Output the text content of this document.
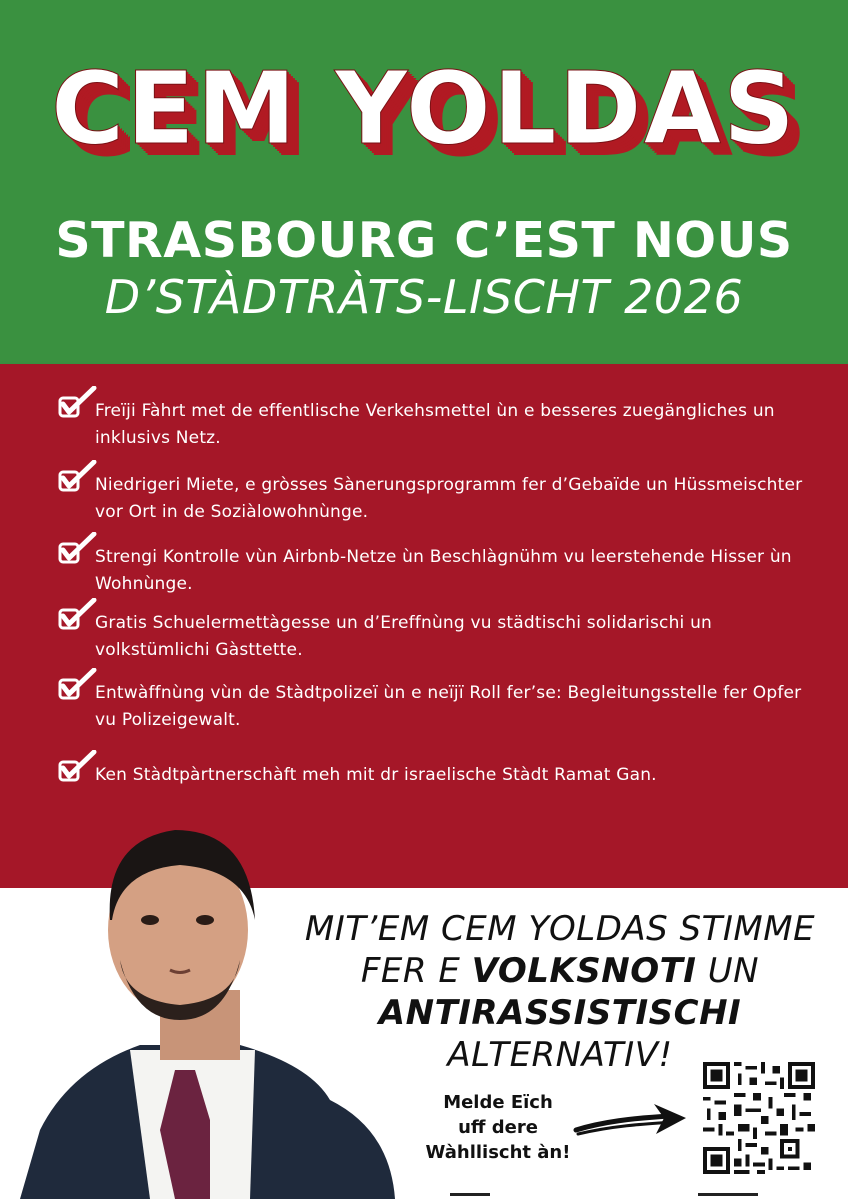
CEM YOLDAS
STRASBOURG C’EST NOUS
D’STÀDTRÀTS-LISCHT 2026
Freïji Fàhrt met de effentlische Verkehsmettel ùn e besseres zuegängliches un inklusivs Netz.
Niedrigeri Miete, e gròsses Sànerungsprogramm fer d’Gebaïde un Hüssmeischter vor Ort in de Soziàlowohnùnge.
Strengi Kontrolle vùn Airbnb-Netze ùn Beschlàgnühm vu leerstehende Hisser ùn Wohnùnge.
Gratis Schuelermettàgesse un d’Ereffnùng vu städtischi solidarischi un volkstümlichi Gàsttette.
Entwàffnùng vùn de Stàdtpolizeï ùn e neïjï Roll fer’se: Begleitungsstelle fer Opfer vu Polizeigewalt.
Ken Stàdtpàrtnerschàft meh mit dr israelische Stàdt Ramat Gan.
MIT’EM CEM YOLDAS STIMME
FER E VOLKSNOTI UN
ANTIRASSISTISCHI ALTERNATIV!
Melde Eïch
uff dere
Wàhllischt àn!
